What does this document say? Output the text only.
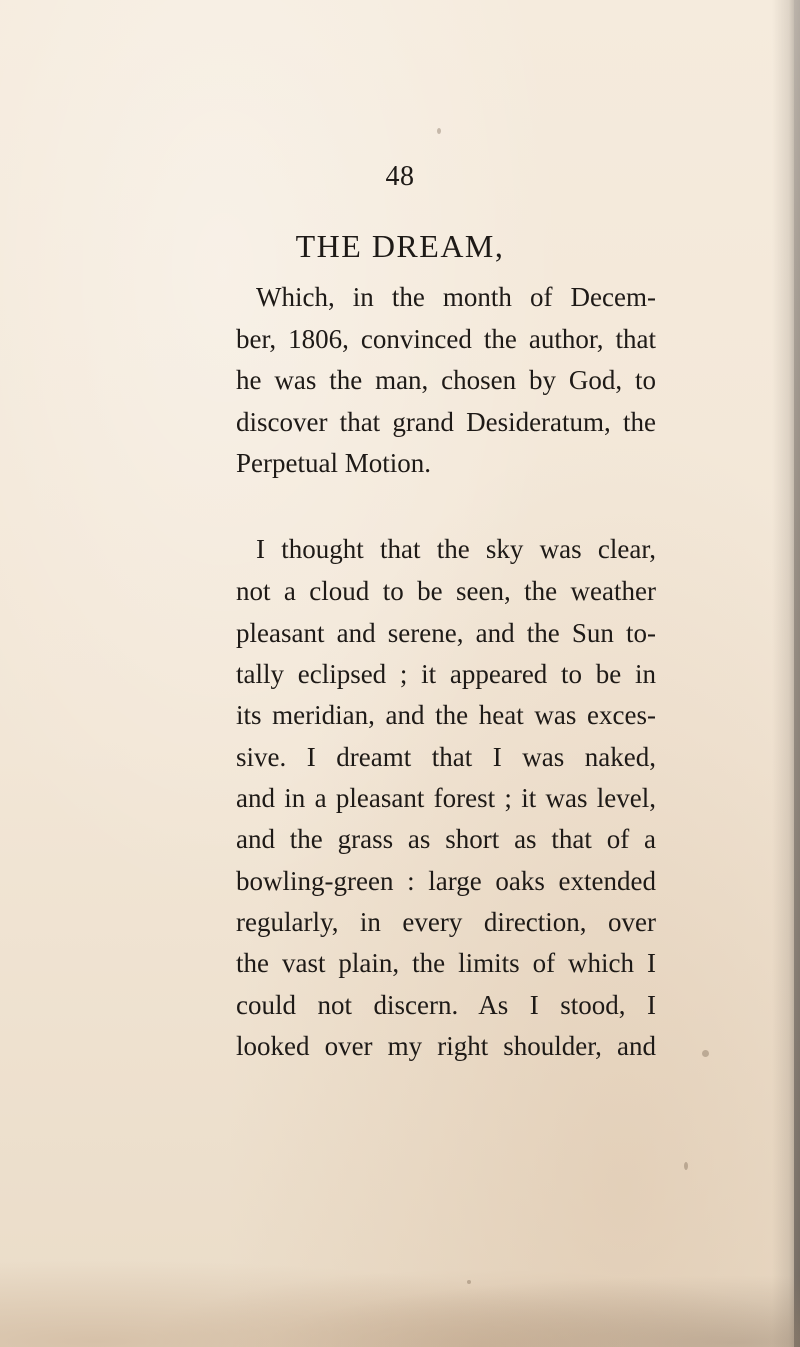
48
THE DREAM,
Which, in the month of Decem-
ber, 1806, convinced the author, that
he was the man, chosen by God, to
discover that grand Desideratum, the
Perpetual Motion.
I thought that the sky was clear,
not a cloud to be seen, the weather
pleasant and serene, and the Sun to-
tally eclipsed ; it appeared to be in
its meridian, and the heat was exces-
sive. I dreamt that I was naked,
and in a pleasant forest ; it was level,
and the grass as short as that of a
bowling-green : large oaks extended
regularly, in every direction, over
the vast plain, the limits of which I
could not discern. As I stood, I
looked over my right shoulder, and
